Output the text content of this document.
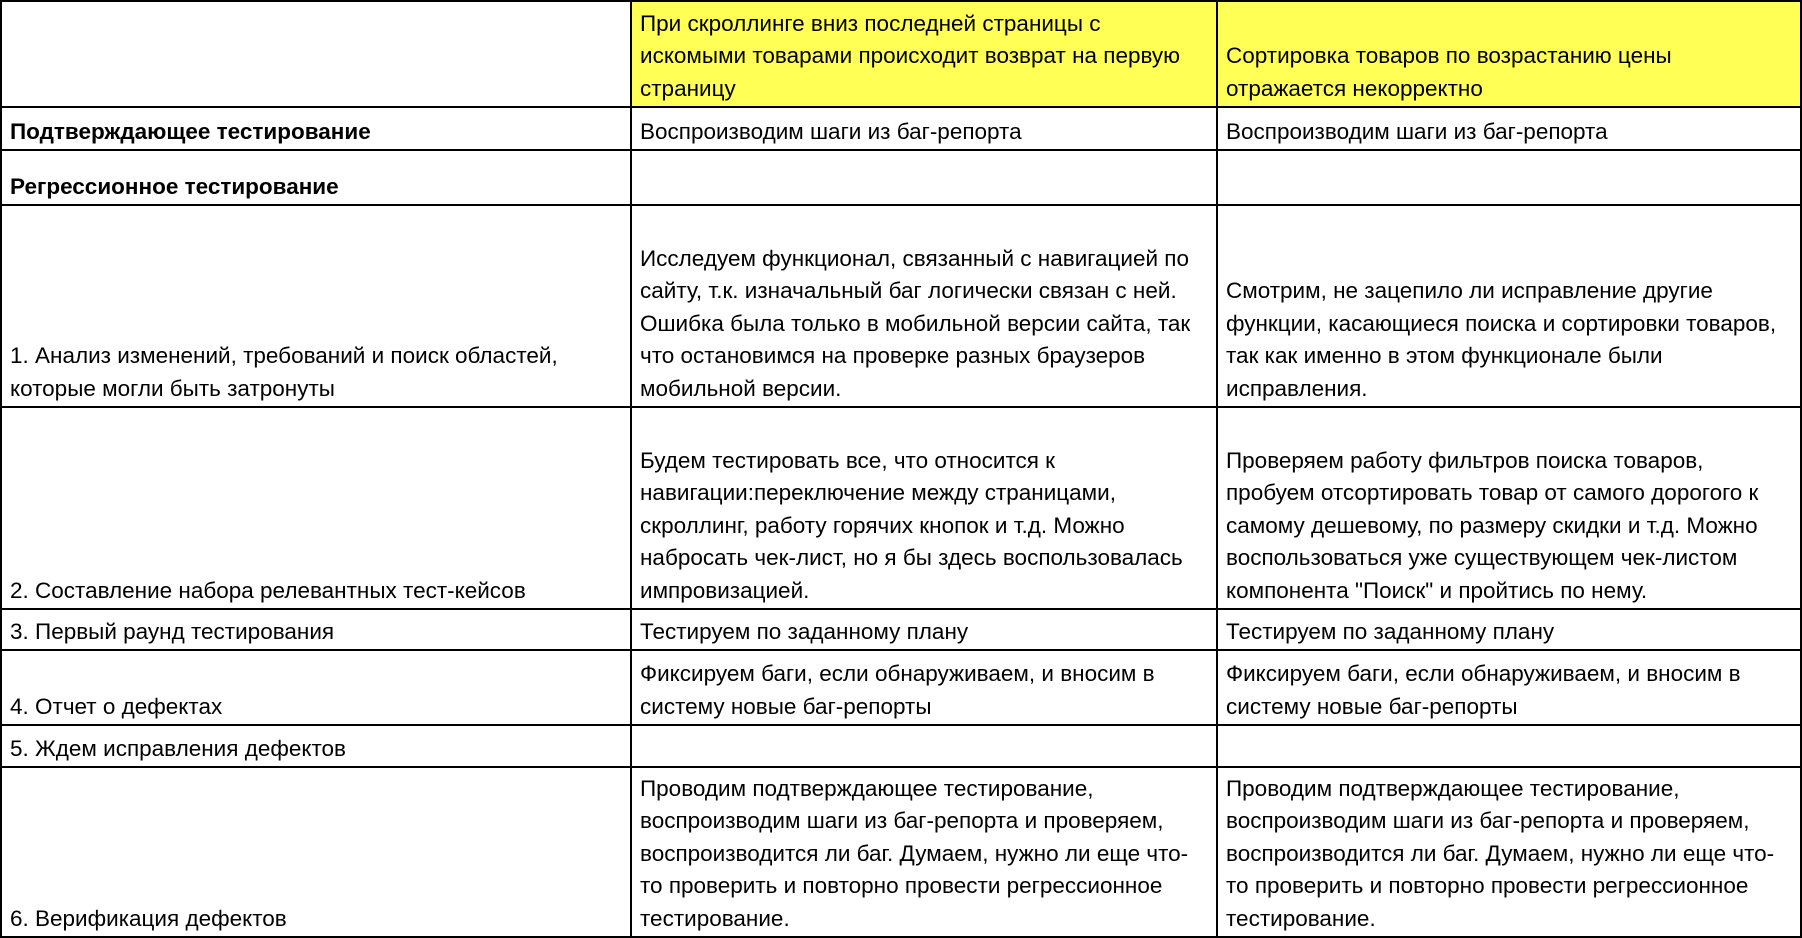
	При скроллинге вниз последней страницы с искомыми товарами происходит возврат на первую страницу	Сортировка товаров по возрастанию цены отражается некорректно
Подтверждающее тестирование	Воспроизводим шаги из баг-репорта	Воспроизводим шаги из баг-репорта
Регрессионное тестирование		
1. Анализ изменений, требований и поиск областей, которые могли быть затронуты	Исследуем функционал, связанный с навигацией по сайту, т.к. изначальный баг логически связан с ней. Ошибка была только в мобильной версии сайта, так что остановимся на проверке разных браузеров мобильной версии.	Смотрим, не зацепило ли исправление другие функции, касающиеся поиска и сортировки товаров, так как именно в этом функционале были исправления.
2. Составление набора релевантных тест-кейсов	Будем тестировать все, что относится к навигации:переключение между страницами, скроллинг, работу горячих кнопок и т.д. Можно набросать чек-лист, но я бы здесь воспользовалась импровизацией.	Проверяем работу фильтров поиска товаров, пробуем отсортировать товар от самого дорогого к самому дешевому, по размеру скидки и т.д. Можно воспользоваться уже существующем чек-листом компонента "Поиск" и пройтись по нему.
3. Первый раунд тестирования	Тестируем по заданному плану	Тестируем по заданному плану
4. Отчет о дефектах	Фиксируем баги, если обнаруживаем, и вносим в систему новые баг-репорты	Фиксируем баги, если обнаруживаем, и вносим в систему новые баг-репорты
5. Ждем исправления дефектов		
6. Верификация дефектов	Проводим подтверждающее тестирование, воспроизводим шаги из баг-репорта и проверяем, воспроизводится ли баг. Думаем, нужно ли еще что-то проверить и повторно провести регрессионное тестирование.	Проводим подтверждающее тестирование, воспроизводим шаги из баг-репорта и проверяем, воспроизводится ли баг. Думаем, нужно ли еще что-то проверить и повторно провести регрессионное тестирование.
